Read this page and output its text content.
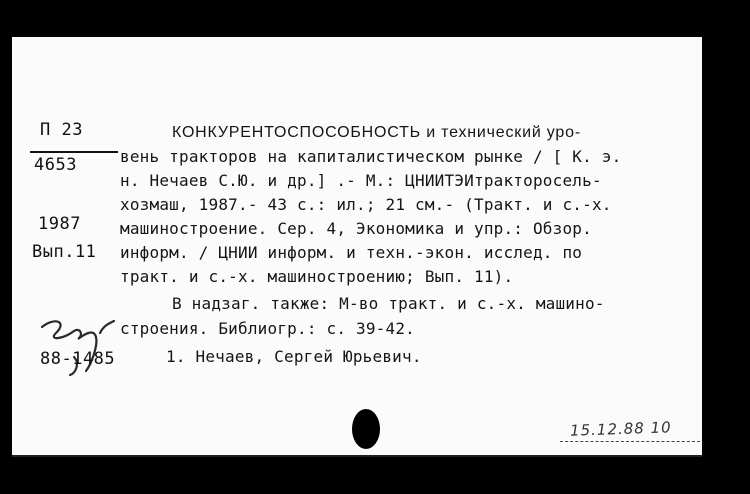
П 23
4653
1987
Вып.11
88-1485
КОНКУРЕНТОСПОСОБНОСТЬ и технический уро-
вень тракторов на капиталистическом рынке / [ К. э.
н. Нечаев С.Ю. и др.] .- М.: ЦНИИТЭИтракторосель-
хозмаш, 1987.- 43 с.: ил.; 21 см.- (Тракт. и с.-х.
машиностроение. Сер. 4, Экономика и упр.: Обзор.
информ. / ЦНИИ информ. и техн.-экон. исслед. по
тракт. и с.-х. машиностроению; Вып. 11).
В надзаг. также: М-во тракт. и с.-х. машино-
строения. Библиогр.: с. 39-42.
1. Нечаев, Сергей Юрьевич.
15.12.88 10
